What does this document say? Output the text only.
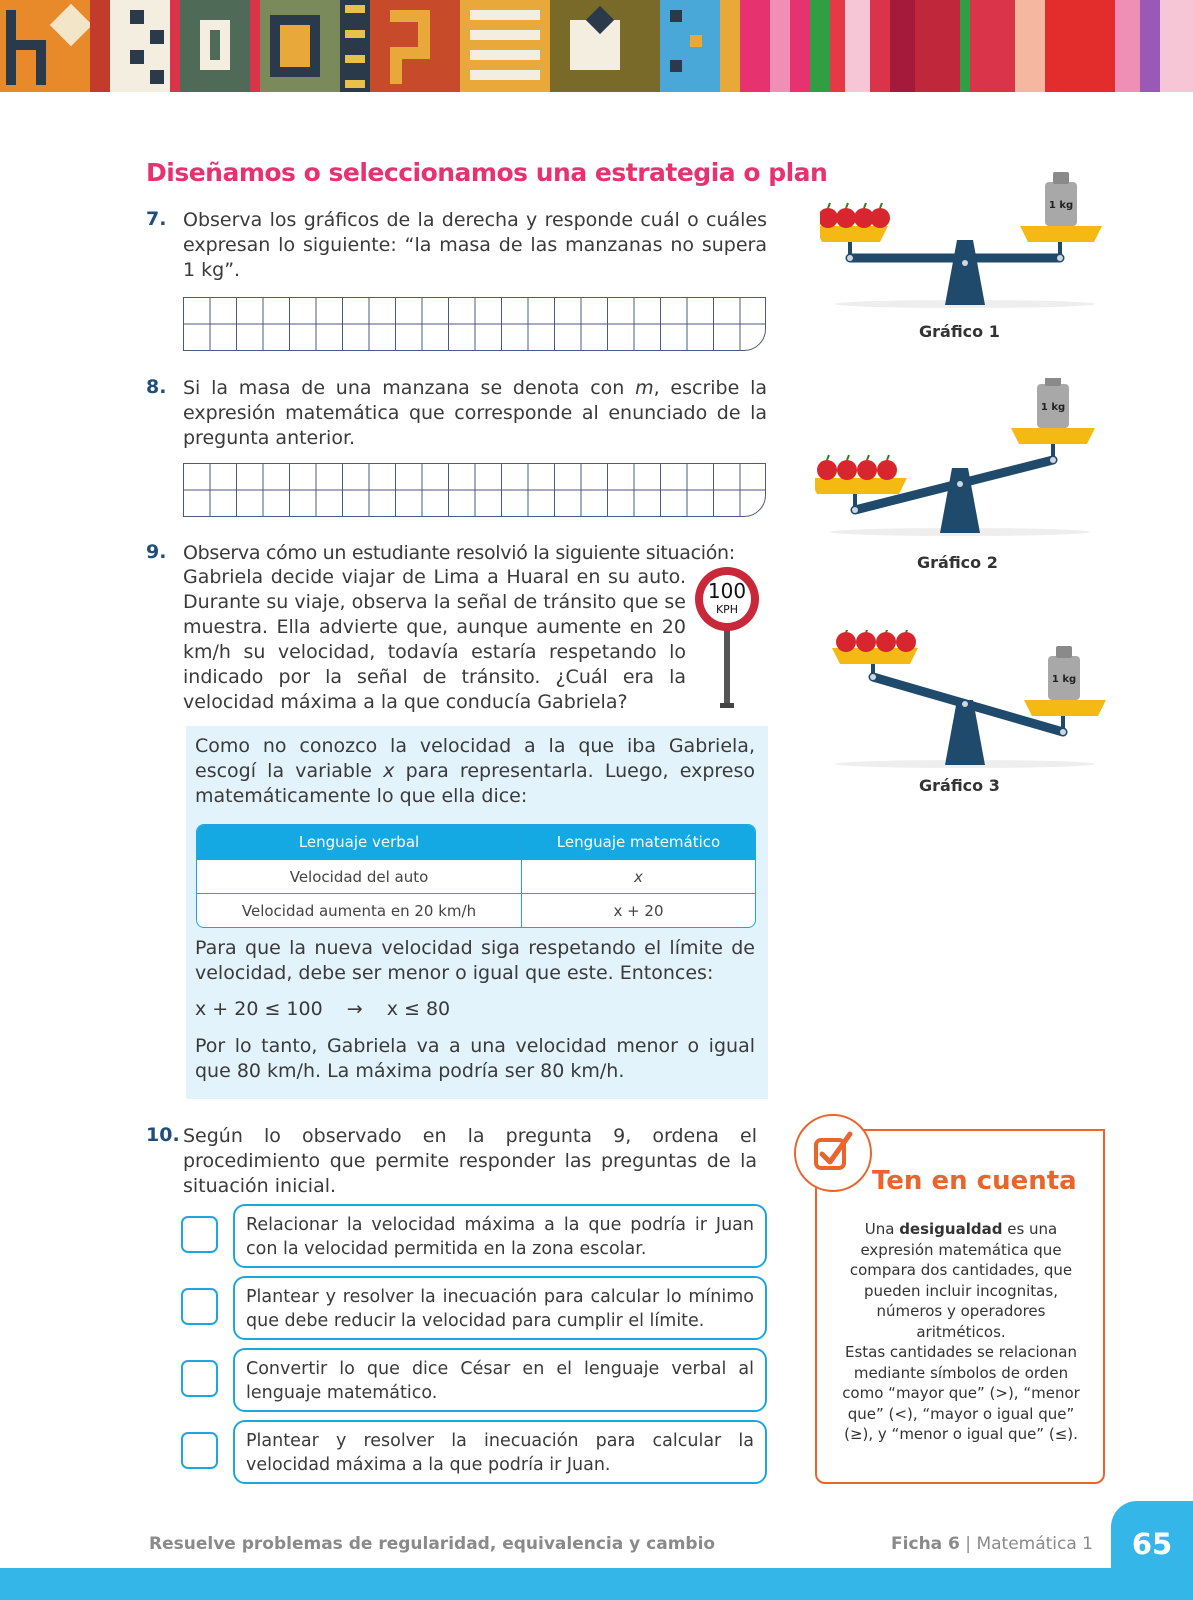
Diseñamos o seleccionamos una estrategia o plan
7. Observa los gráficos de la derecha y responde cuál o cuáles expresan lo siguiente: “la masa de las manzanas no supera 1 kg”.

8. Si la masa de una manzana se denota con m, escribe la expresión matemática que corresponde al enunciado de la pregunta anterior.

9. Observa cómo un estudiante resolvió la siguiente situación:

Gabriela decide viajar de Lima a Huaral en su auto. Durante su viaje, observa la señal de tránsito que se muestra. Ella advierte que, aunque aumente en 20 km/h su velocidad, todavía estaría respetando lo indicado por la señal de tránsito. ¿Cuál era la velocidad máxima a la que conducía Gabriela?

100
KPH

Como no conozco la velocidad a la que iba Gabriela, escogí la variable x para representarla. Luego, expreso matemáticamente lo que ella dice:

Lenguaje verbal	Lenguaje matemático
Velocidad del auto	x
Velocidad aumenta en 20 km/h	x + 20

Para que la nueva velocidad siga respetando el límite de velocidad, debe ser menor o igual que este. Entonces:

x + 20 ≤ 100 → x ≤ 80

Por lo tanto, Gabriela va a una velocidad menor o igual que 80 km/h. La máxima podría ser 80 km/h.

10. Según lo observado en la pregunta 9, ordena el procedimiento que permite responder las preguntas de la situación inicial.

Relacionar la velocidad máxima a la que podría ir Juan con la velocidad permitida en la zona escolar.
Plantear y resolver la inecuación para calcular lo mínimo que debe reducir la velocidad para cumplir el límite.
Convertir lo que dice César en el lenguaje verbal al lenguaje matemático.
Plantear y resolver la inecuación para calcular la velocidad máxima a la que podría ir Juan.
1 kg
Gráfico 1
1 kg
Gráfico 2
1 kg
Gráfico 3
Ten en cuenta
Una desigualdad es una expresión matemática que compara dos cantidades, que pueden incluir incognitas, números y operadores aritméticos.
Estas cantidades se relacionan mediante símbolos de orden como “mayor que” (>), “menor que” (<), “mayor o igual que” (≥), y “menor o igual que” (≤).
65
Resuelve problemas de regularidad, equivalencia y cambio	Ficha 6 | Matemática 1
